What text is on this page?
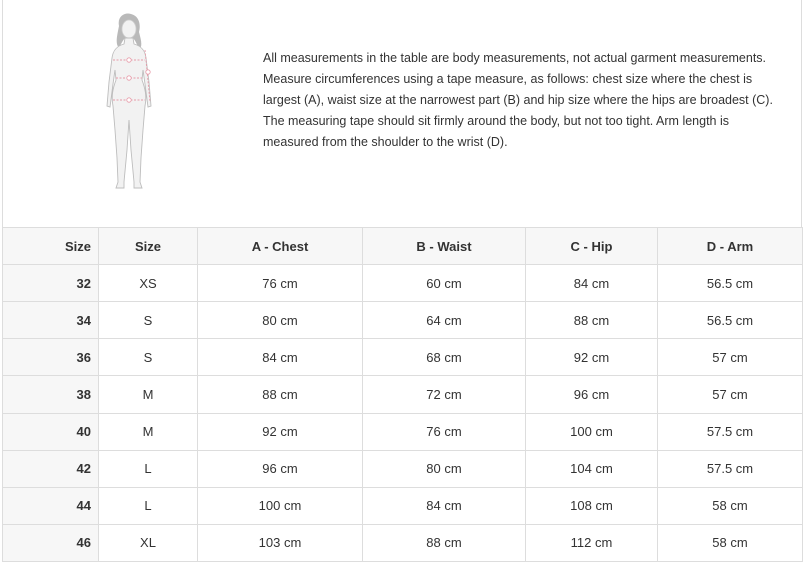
All measurements in the table are body measurements, not actual garment measurements. Measure circumferences using a tape measure, as follows: chest size where the chest is largest (A), waist size at the narrowest part (B) and hip size where the hips are broadest (C). The measuring tape should sit firmly around the body, but not too tight. Arm length is measured from the shoulder to the wrist (D).

Size	Size	A - Chest	B - Waist	C - Hip	D - Arm
32	XS	76 cm	60 cm	84 cm	56.5 cm
34	S	80 cm	64 cm	88 cm	56.5 cm
36	S	84 cm	68 cm	92 cm	57 cm
38	M	88 cm	72 cm	96 cm	57 cm
40	M	92 cm	76 cm	100 cm	57.5 cm
42	L	96 cm	80 cm	104 cm	57.5 cm
44	L	100 cm	84 cm	108 cm	58 cm
46	XL	103 cm	88 cm	112 cm	58 cm
